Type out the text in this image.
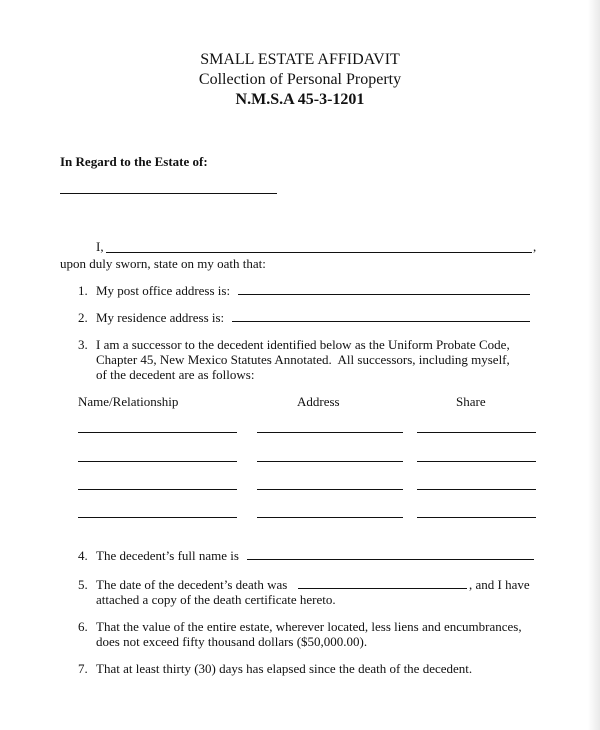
SMALL ESTATE AFFIDAVIT
Collection of Personal Property
N.M.S.A 45-3-1201
In Regard to the Estate of:
I,	,
upon duly sworn, state on my oath that:
1. My post office address is:
2. My residence address is:
3. I am a successor to the decedent identified below as the Uniform Probate Code,
Chapter 45, New Mexico Statutes Annotated.  All successors, including myself,
of the decedent are as follows:
Name/Relationship	Address	Share
4. The decedent’s full name is
5. The date of the decedent’s death was	, and I have
attached a copy of the death certificate hereto.
6. That the value of the entire estate, wherever located, less liens and encumbrances,
does not exceed fifty thousand dollars ($50,000.00).
7. That at least thirty (30) days has elapsed since the death of the decedent.
